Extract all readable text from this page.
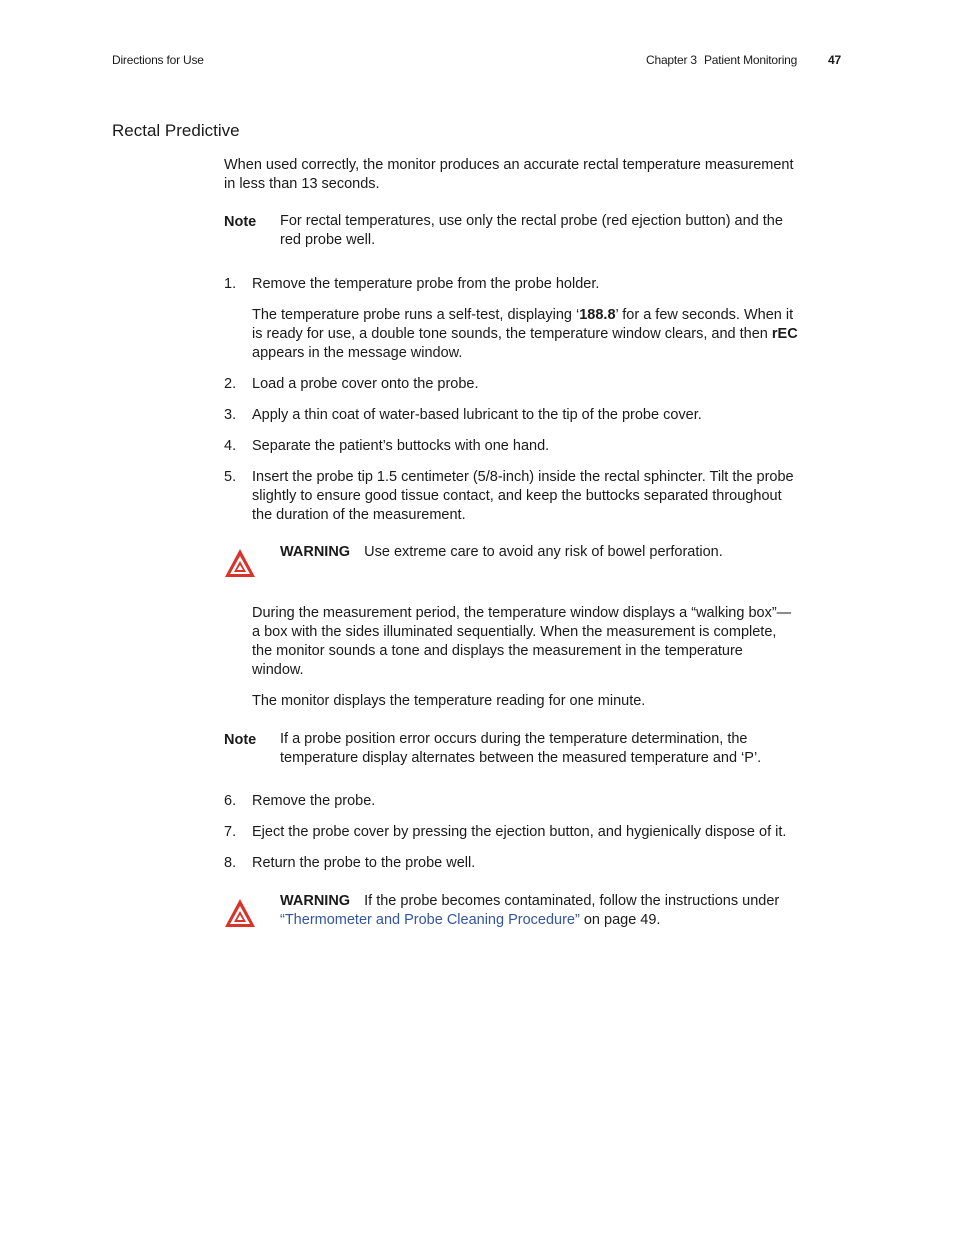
Directions for Use	Chapter 3 Patient Monitoring	47
Rectal Predictive
When used correctly, the monitor produces an accurate rectal temperature measurement
in less than 13 seconds.
Note For rectal temperatures, use only the rectal probe (red ejection button) and the
red probe well.
1. Remove the temperature probe from the probe holder.
The temperature probe runs a self-test, displaying ‘188.8’ for a few seconds. When it
is ready for use, a double tone sounds, the temperature window clears, and then rEC
appears in the message window.
2. Load a probe cover onto the probe.
3. Apply a thin coat of water-based lubricant to the tip of the probe cover.
4. Separate the patient’s buttocks with one hand.
5. Insert the probe tip 1.5 centimeter (5/8-inch) inside the rectal sphincter. Tilt the probe
slightly to ensure good tissue contact, and keep the buttocks separated throughout
the duration of the measurement.
WARNING Use extreme care to avoid any risk of bowel perforation.
During the measurement period, the temperature window displays a “walking box”—
a box with the sides illuminated sequentially. When the measurement is complete,
the monitor sounds a tone and displays the measurement in the temperature
window.
The monitor displays the temperature reading for one minute.
Note If a probe position error occurs during the temperature determination, the
temperature display alternates between the measured temperature and ‘P’.
6. Remove the probe.
7. Eject the probe cover by pressing the ejection button, and hygienically dispose of it.
8. Return the probe to the probe well.
WARNING If the probe becomes contaminated, follow the instructions under
“Thermometer and Probe Cleaning Procedure” on page 49.
